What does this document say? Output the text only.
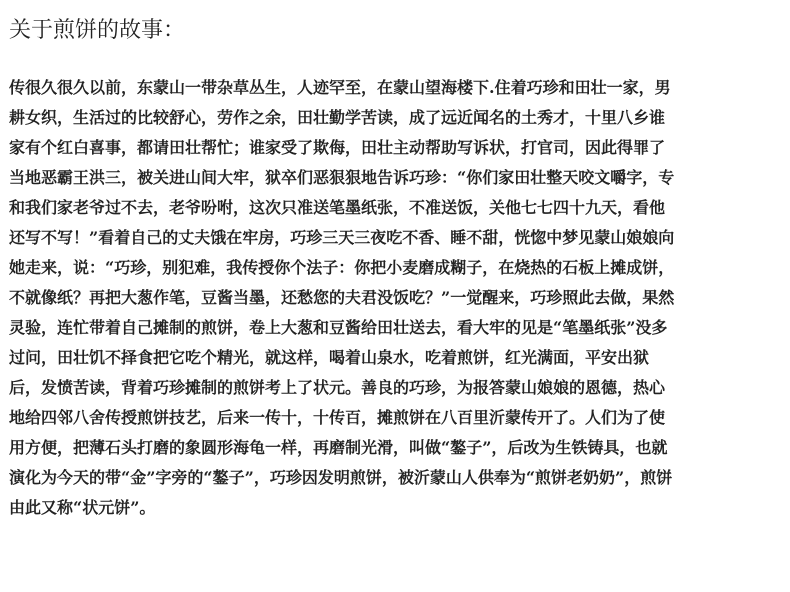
关于煎饼的故事：
传很久很久以前，东蒙山一带杂草丛生，人迹罕至，在蒙山望海楼下.住着巧珍和田壮一家，男
耕女织，生活过的比较舒心，劳作之余，田壮勤学苦读，成了远近闻名的土秀才，十里八乡谁
家有个红白喜事，都请田壮帮忙；谁家受了欺侮，田壮主动帮助写诉状，打官司，因此得罪了
当地恶霸王洪三，被关进山间大牢，狱卒们恶狠狠地告诉巧珍：“你们家田壮整天咬文嚼字，专
和我们家老爷过不去，老爷吩咐，这次只准送笔墨纸张，不准送饭，关他七七四十九天，看他
还写不写！”看着自己的丈夫饿在牢房，巧珍三天三夜吃不香、睡不甜，恍惚中梦见蒙山娘娘向
她走来，说：“巧珍，别犯难，我传授你个法子：你把小麦磨成糊子，在烧热的石板上摊成饼，
不就像纸？再把大葱作笔，豆酱当墨，还愁您的夫君没饭吃？”一觉醒来，巧珍照此去做，果然
灵验，连忙带着自己摊制的煎饼，卷上大葱和豆酱给田壮送去，看大牢的见是“笔墨纸张”没多
过问，田壮饥不择食把它吃个精光，就这样，喝着山泉水，吃着煎饼，红光满面，平安出狱
后，发愤苦读，背着巧珍摊制的煎饼考上了状元。善良的巧珍，为报答蒙山娘娘的恩德，热心
地给四邻八舍传授煎饼技艺，后来一传十，十传百，摊煎饼在八百里沂蒙传开了。人们为了使
用方便，把薄石头打磨的象圆形海龟一样，再磨制光滑，叫做“鏊子”，后改为生铁铸具，也就
演化为今天的带“金”字旁的“鏊子”，巧珍因发明煎饼，被沂蒙山人供奉为“煎饼老奶奶”，煎饼
由此又称“状元饼”。
